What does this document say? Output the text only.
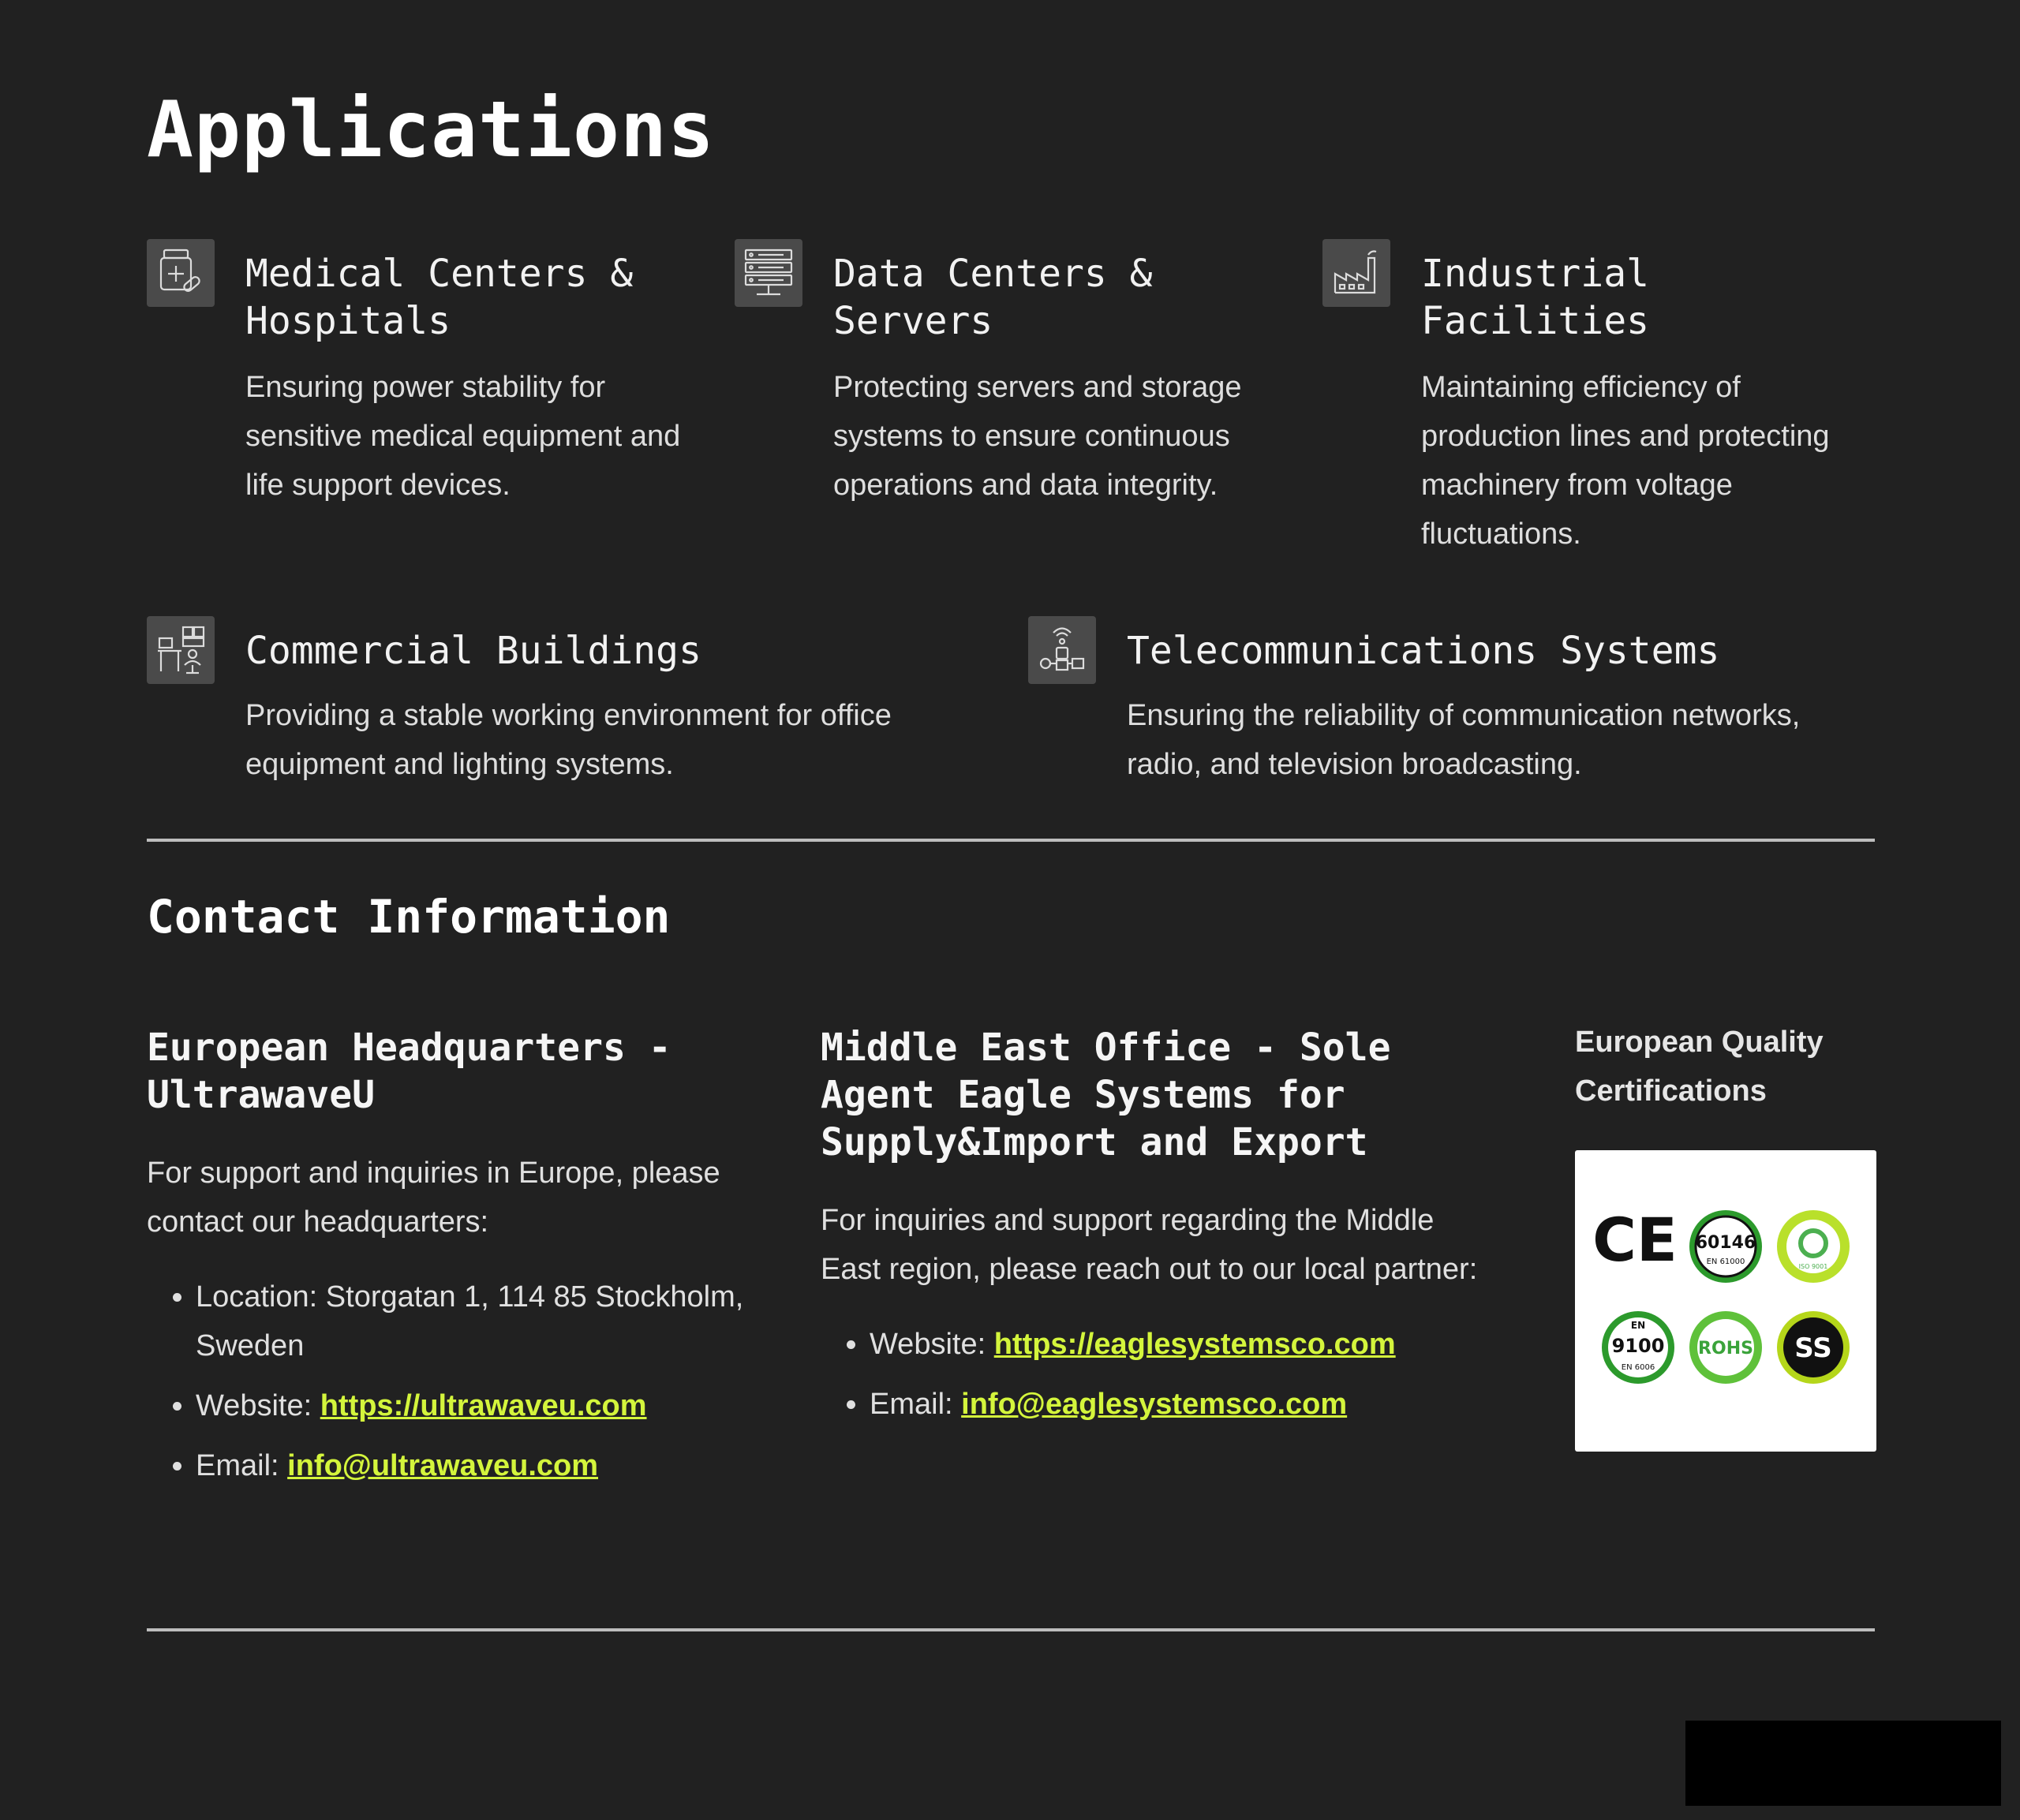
Applications
Medical Centers &
Hospitals

Ensuring power stability for sensitive medical equipment and life support devices.

Data Centers &
Servers

Protecting servers and storage systems to ensure continuous operations and data integrity.

Industrial
Facilities

Maintaining efficiency of production lines and protecting machinery from voltage fluctuations.

Commercial Buildings

Providing a stable working environment for office equipment and lighting systems.

Telecommunications Systems

Ensuring the reliability of communication networks, radio, and television broadcasting.

Contact Information
European Headquarters -
UltrawaveU

For support and inquiries in Europe, please contact our headquarters:

• Location: Storgatan 1, 114 85 Stockholm, Sweden
• Website: https://ultrawaveu.com
• Email: info@ultrawaveu.com
Middle East Office - Sole Agent Eagle Systems for Supply&Import and Export

For inquiries and support regarding the Middle East region, please reach out to our local partner:

• Website: https://eaglesystemsco.com
• Email: info@eaglesystemsco.com

European Quality Certifications

CE 60146
EN 61000
ISO 9001
EN
9100
EN 6006
ROHS SS
